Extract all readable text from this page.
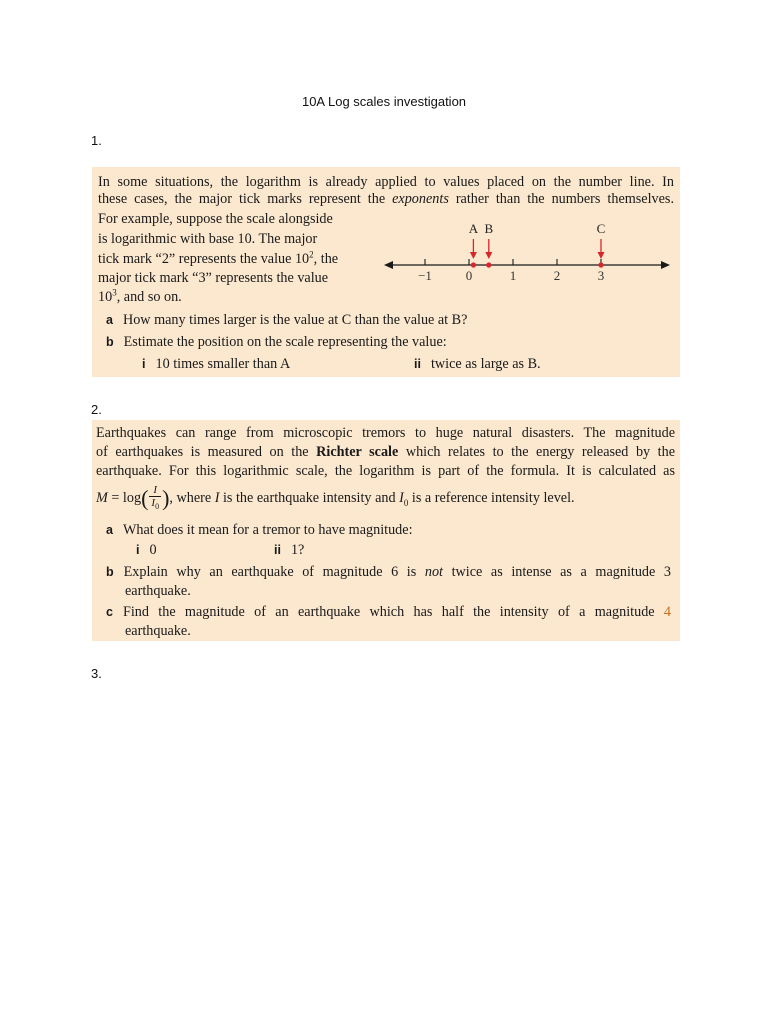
10A Log scales investigation
1.
In some situations, the logarithm is already applied to values placed on the number line. In
these cases, the major tick marks represent the exponents rather than the numbers themselves.
For example, suppose the scale alongside
is logarithmic with base 10. The major
tick mark “2” represents the value $10^2$, the
major tick mark “3” represents the value
$10^3$, and so on.
−1	0	1	2	3
A B	C
a How many times larger is the value at C than the value at B?
b Estimate the position on the scale representing the value:
i 10 times smaller than A	ii twice as large as B.
2.
Earthquakes can range from microscopic tremors to huge natural disasters. The magnitude
of earthquakes is measured on the Richter scale which relates to the energy released by the
earthquake. For this logarithmic scale, the logarithm is part of the formula. It is calculated as
$M = \log( \frac{I}{I_0}$ ), where I is the earthquake intensity and $I_0$ is a reference intensity level.
a What does it mean for a tremor to have magnitude:
i 0	ii 1?
b Explain why an earthquake of magnitude 6 is not twice as intense as a magnitude 3
earthquake.
c Find the magnitude of an earthquake which has half the intensity of a magnitude 4
earthquake.
3.
